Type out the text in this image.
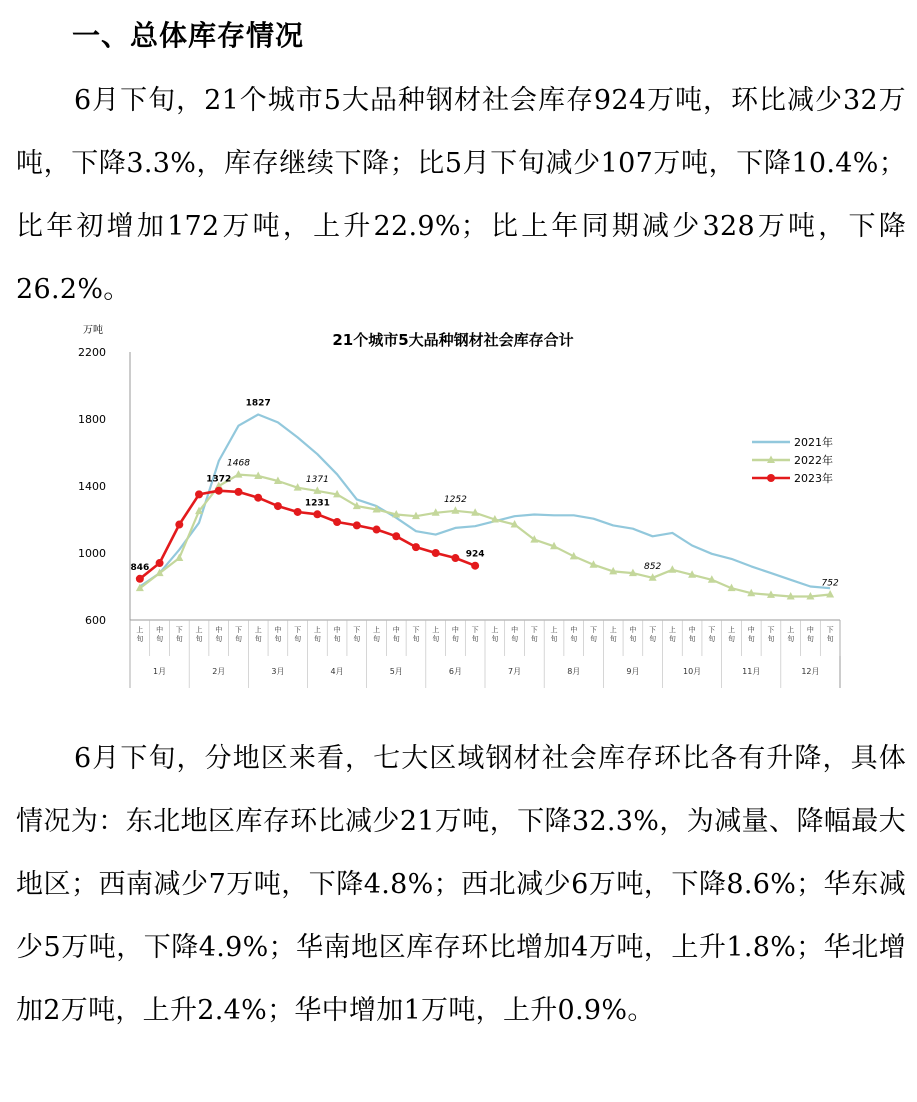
一、总体库存情况

6月下旬，21个城市5大品种钢材社会库存924万吨，环比减少32万吨，下降3.3%，库存继续下降；比5月下旬减少107万吨，下降10.4%；比年初增加172万吨，上升22.9%；比上年同期减少328万吨，下降26.2%。

21个城市5大品种钢材社会库存合计
万吨
600
1000
1400
1800
2200
上
旬
中
旬
下
旬
上
旬
中
旬
下
旬
上
旬
中
旬
下
旬
上
旬
中
旬
下
旬
上
旬
中
旬
下
旬
上
旬
中
旬
下
旬
上
旬
中
旬
下
旬
上
旬
中
旬
下
旬
上
旬
中
旬
下
旬
上
旬
中
旬
下
旬
上
旬
中
旬
下
旬
上
旬
中
旬
下
旬
1月	2月	3月	4月	5月	6月	7月	8月	9月	10月	11月	12月
846
1827
1372
1468
1371
1231	1252
924
852
752
2021年
2022年
2023年

6月下旬，分地区来看，七大区域钢材社会库存环比各有升降，具体情况为：东北地区库存环比减少21万吨，下降32.3%，为减量、降幅最大地区；西南减少7万吨，下降4.8%；西北减少6万吨，下降8.6%；华东减少5万吨，下降4.9%；华南地区库存环比增加4万吨，上升1.8%；华北增加2万吨，上升2.4%；华中增加1万吨，上升0.9%。
